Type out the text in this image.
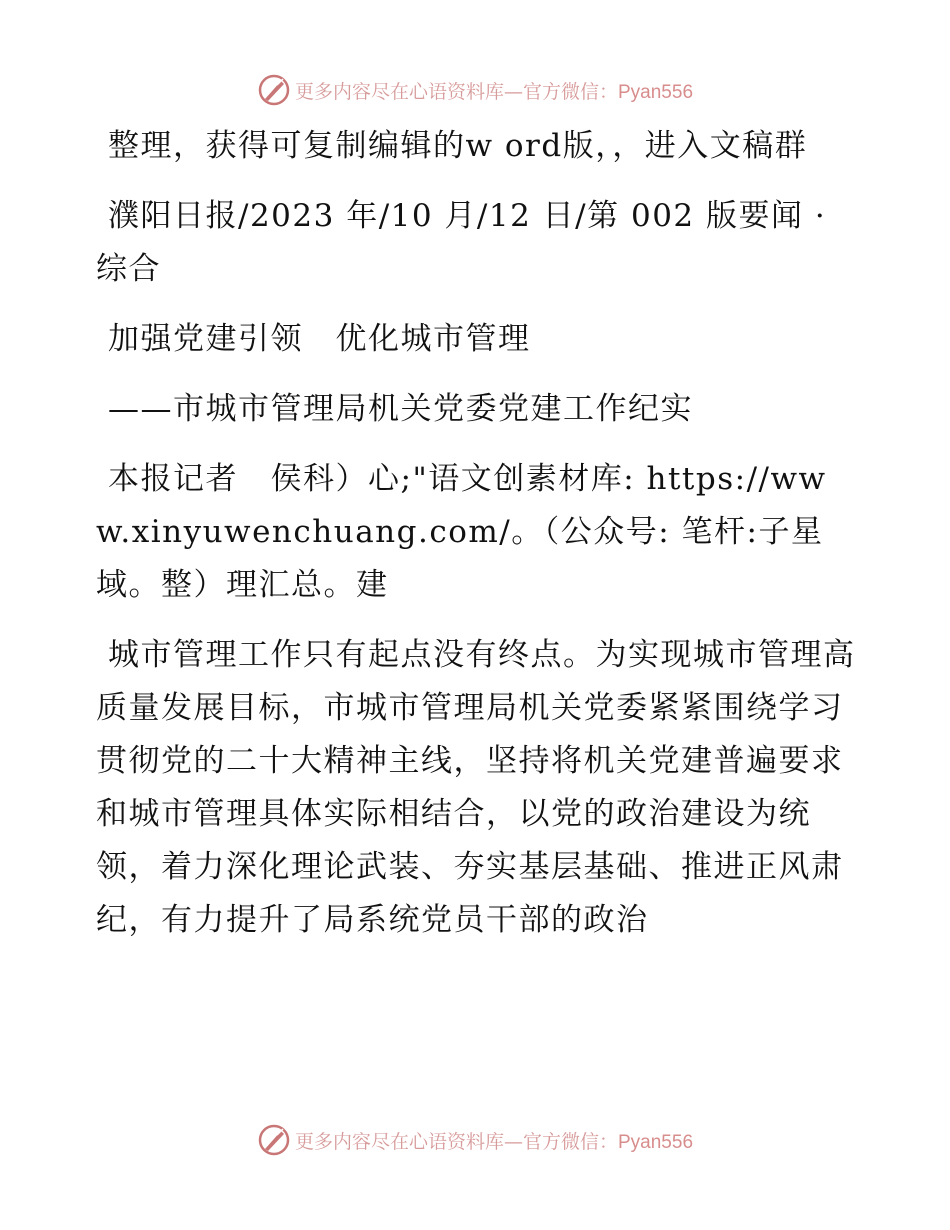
更多内容尽在心语资料库—官方微信：Pyan556

整理，获得可复制编辑的w ord版，，进入文稿群

濮阳日报/2023 年/10 月/12 日/第 002 版要闻 · 综合

加强党建引领　优化城市管理

——市城市管理局机关党委党建工作纪实

本报记者　侯科）心;"语文创素材库: https://www.xinyuwenchuang.com/。（公众号: 笔杆:子星域。整）理汇总。建

城市管理工作只有起点没有终点。为实现城市管理高质量发展目标，市城市管理局机关党委紧紧围绕学习贯彻党的二十大精神主线，坚持将机关党建普遍要求和城市管理具体实际相结合，以党的政治建设为统领，着力深化理论武装、夯实基层基础、推进正风肃纪，有力提升了局系统党员干部的政治

更多内容尽在心语资料库—官方微信：Pyan556
